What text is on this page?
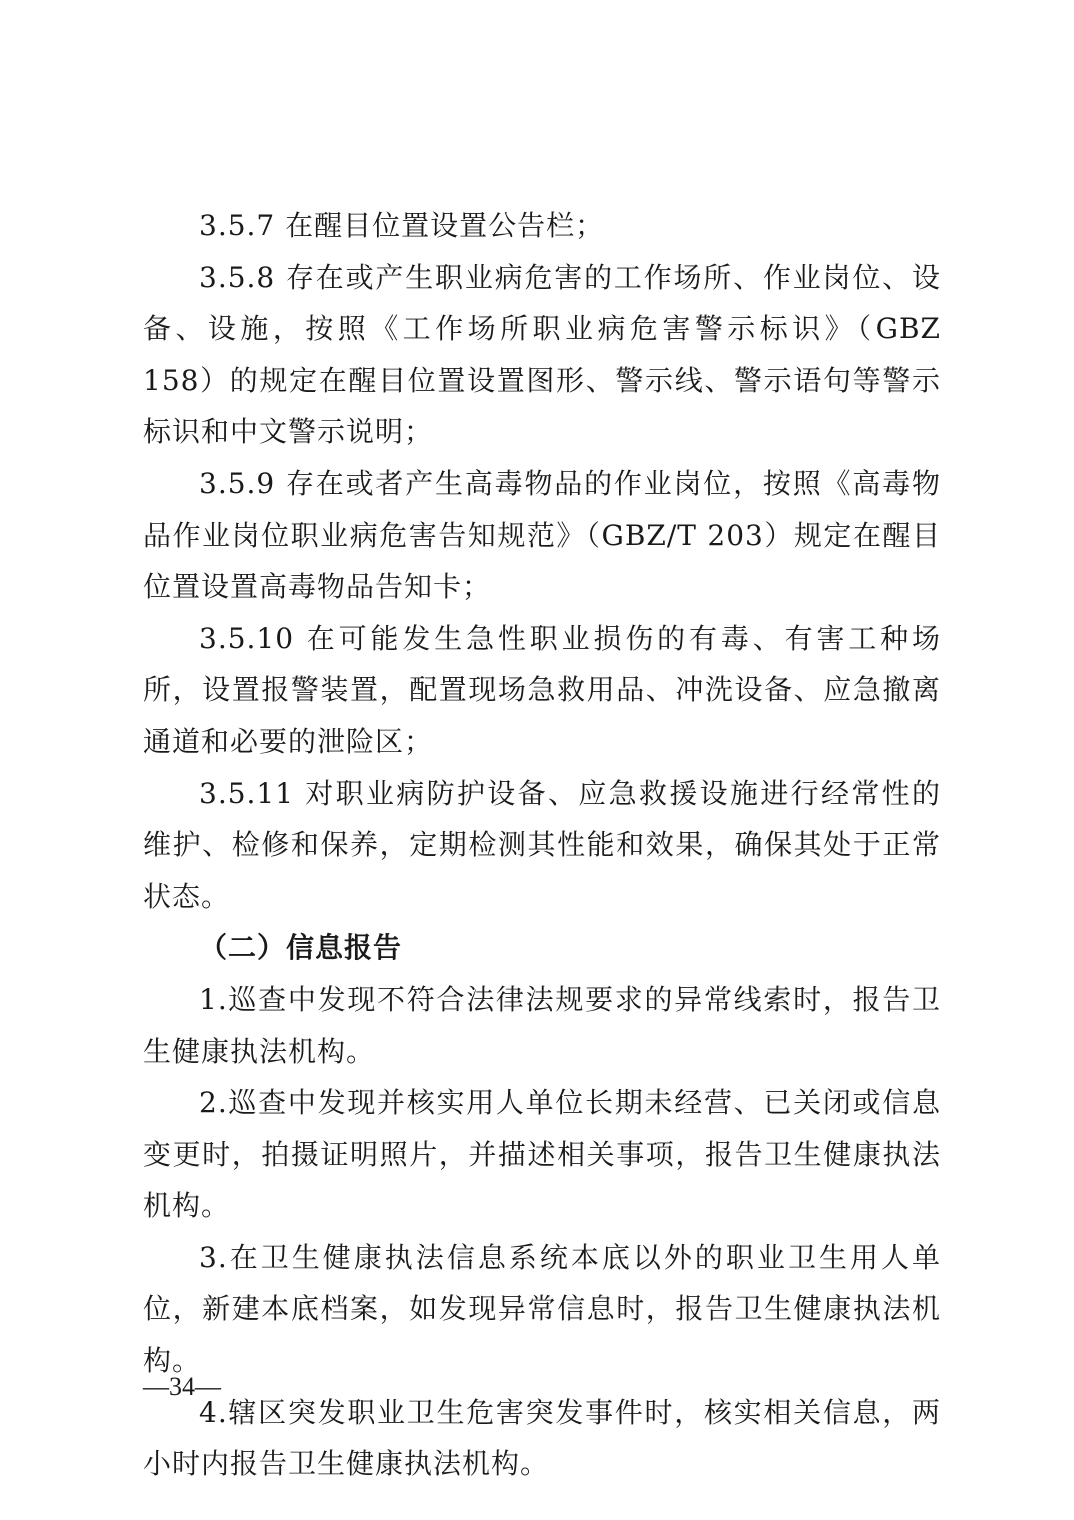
3.5.7 在醒目位置设置公告栏；

3.5.8 存在或产生职业病危害的工作场所、作业岗位、设备、设施，按照《工作场所职业病危害警示标识》（GBZ 158）的规定在醒目位置设置图形、警示线、警示语句等警示标识和中文警示说明；

3.5.9 存在或者产生高毒物品的作业岗位，按照《高毒物品作业岗位职业病危害告知规范》（GBZ/T 203）规定在醒目位置设置高毒物品告知卡；

3.5.10 在可能发生急性职业损伤的有毒、有害工种场所，设置报警装置，配置现场急救用品、冲洗设备、应急撤离通道和必要的泄险区；

3.5.11 对职业病防护设备、应急救援设施进行经常性的维护、检修和保养，定期检测其性能和效果，确保其处于正常状态。

（二）信息报告

1.巡查中发现不符合法律法规要求的异常线索时，报告卫生健康执法机构。

2.巡查中发现并核实用人单位长期未经营、已关闭或信息变更时，拍摄证明照片，并描述相关事项，报告卫生健康执法机构。

3.在卫生健康执法信息系统本底以外的职业卫生用人单位，新建本底档案，如发现异常信息时，报告卫生健康执法机构。

4.辖区突发职业卫生危害突发事件时，核实相关信息，两小时内报告卫生健康执法机构。

—34—
